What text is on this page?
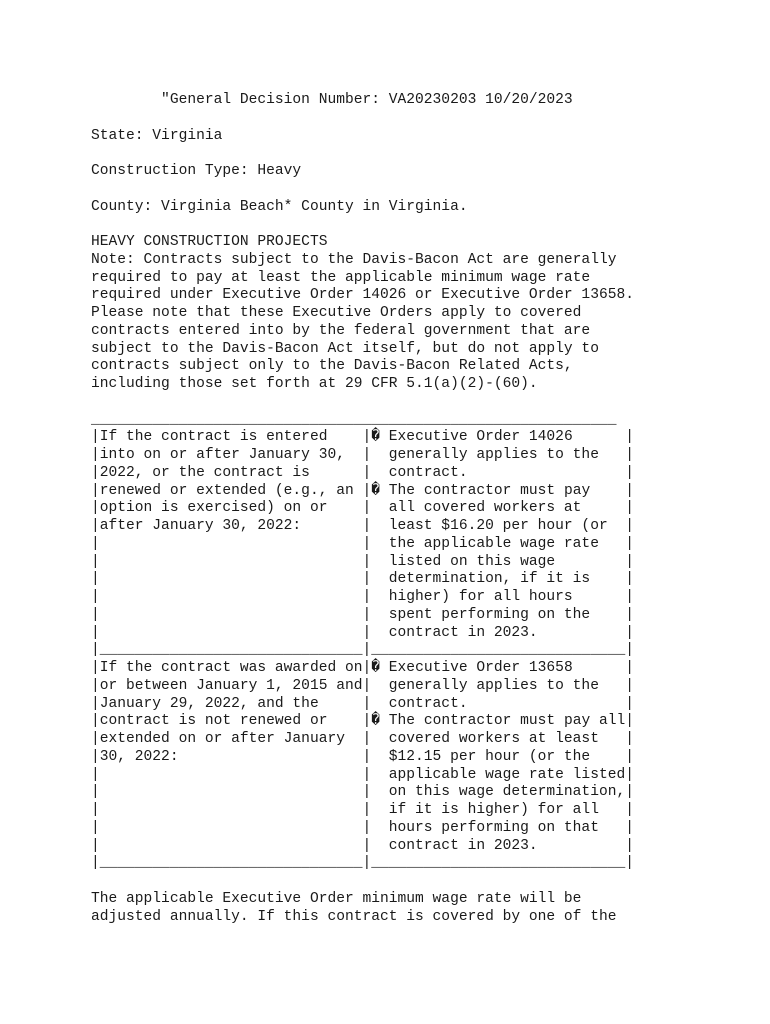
"General Decision Number: VA20230203 10/20/2023

State: Virginia

Construction Type: Heavy

County: Virginia Beach* County in Virginia.

HEAVY CONSTRUCTION PROJECTS
Note: Contracts subject to the Davis-Bacon Act are generally
required to pay at least the applicable minimum wage rate
required under Executive Order 14026 or Executive Order 13658.
Please note that these Executive Orders apply to covered
contracts entered into by the federal government that are
subject to the Davis-Bacon Act itself, but do not apply to
contracts subject only to the Davis-Bacon Related Acts,
including those set forth at 29 CFR 5.1(a)(2)-(60).

____________________________________________________________
|If the contract is entered    |� Executive Order 14026      |
|into on or after January 30,  |  generally applies to the   |
|2022, or the contract is      |  contract.                  |
|renewed or extended (e.g., an |� The contractor must pay    |
|option is exercised) on or    |  all covered workers at     |
|after January 30, 2022:       |  least $16.20 per hour (or  |
|                              |  the applicable wage rate   |
|                              |  listed on this wage        |
|                              |  determination, if it is    |
|                              |  higher) for all hours      |
|                              |  spent performing on the    |
|                              |  contract in 2023.          |
|______________________________|_____________________________|
|If the contract was awarded on|� Executive Order 13658      |
|or between January 1, 2015 and|  generally applies to the   |
|January 29, 2022, and the     |  contract.                  |
|contract is not renewed or    |� The contractor must pay all|
|extended on or after January  |  covered workers at least   |
|30, 2022:                     |  $12.15 per hour (or the    |
|                              |  applicable wage rate listed|
|                              |  on this wage determination,|
|                              |  if it is higher) for all   |
|                              |  hours performing on that   |
|                              |  contract in 2023.          |
|______________________________|_____________________________|

The applicable Executive Order minimum wage rate will be
adjusted annually. If this contract is covered by one of the
